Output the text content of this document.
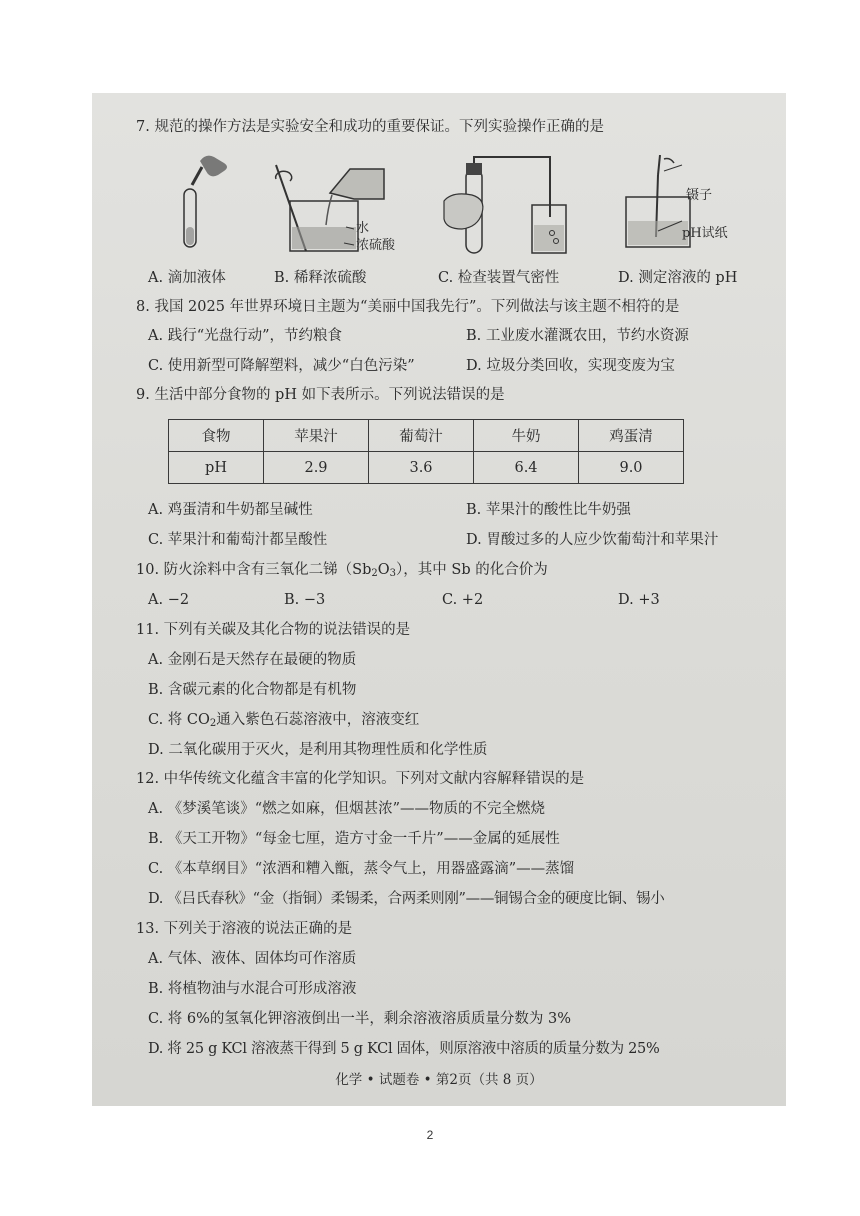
7. 规范的操作方法是实验安全和成功的重要保证。下列实验操作正确的是
水
浓硫酸
镊子
pH试纸
A. 滴加液体	B. 稀释浓硫酸	C. 检查装置气密性	D. 测定溶液的 pH
8. 我国 2025 年世界环境日主题为“美丽中国我先行”。下列做法与该主题不相符的是
A. 践行“光盘行动”，节约粮食	B. 工业废水灌溉农田，节约水资源
C. 使用新型可降解塑料，减少“白色污染”	D. 垃圾分类回收，实现变废为宝
9. 生活中部分食物的 pH 如下表所示。下列说法错误的是
食物	苹果汁	葡萄汁	牛奶	鸡蛋清
pH	2.9	3.6	6.4	9.0
A. 鸡蛋清和牛奶都呈碱性	B. 苹果汁的酸性比牛奶强
C. 苹果汁和葡萄汁都呈酸性	D. 胃酸过多的人应少饮葡萄汁和苹果汁
10. 防火涂料中含有三氧化二锑$(Sb_2O_3)$，其中 Sb 的化合价为
A. −2	B. −3	C. +2	D. +3
11. 下列有关碳及其化合物的说法错误的是
A. 金刚石是天然存在最硬的物质
B. 含碳元素的化合物都是有机物
C. 将 $CO_2$通入紫色石蕊溶液中，溶液变红
D. 二氧化碳用于灭火，是利用其物理性质和化学性质
12. 中华传统文化蕴含丰富的化学知识。下列对文献内容解释错误的是
A. 《梦溪笔谈》“燃之如麻，但烟甚浓”——物质的不完全燃烧
B. 《天工开物》“每金七厘，造方寸金一千片”——金属的延展性
C. 《本草纲目》“浓酒和糟入甑，蒸令气上，用器盛露滴”——蒸馏
D. 《吕氏春秋》“金（指铜）柔锡柔，合两柔则刚”——铜锡合金的硬度比铜、锡小
13. 下列关于溶液的说法正确的是
A. 气体、液体、固体均可作溶质
B. 将植物油与水混合可形成溶液
C. 将 6%的氢氧化钾溶液倒出一半，剩余溶液溶质质量分数为 3%
D. 将 25 g KCl 溶液蒸干得到 5 g KCl 固体，则原溶液中溶质的质量分数为 25%
化学 • 试题卷 • 第2页（共 8 页）
2
